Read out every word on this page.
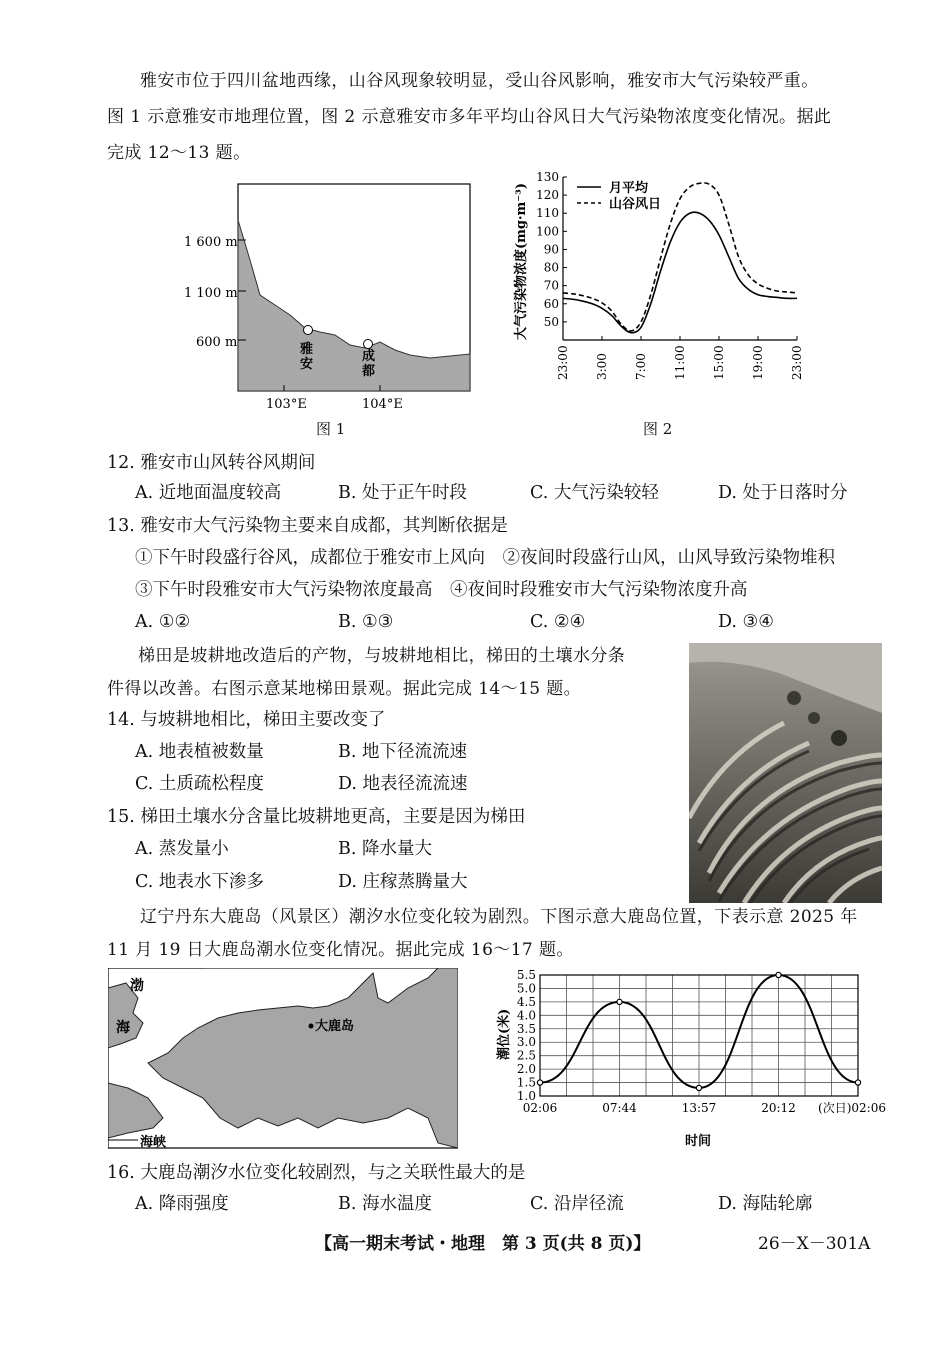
雅安市位于四川盆地西缘，山谷风现象较明显，受山谷风影响，雅安市大气污染较严重。
图 1 示意雅安市地理位置，图 2 示意雅安市多年平均山谷风日大气污染物浓度变化情况。据此
完成 12～13 题。
1 600 m
1 100 m
600 m
103°E	104°E
雅
安
成
都
图 1
大气污染物浓度(mg·m⁻³)	月平均
山谷风日
50
60
70
80
90
100
110
120
130
23:00 3:00 7:00 11:00 15:00 19:00 23:00
图 2
12. 雅安市山风转谷风期间
A. 近地面温度较高	B. 处于正午时段	C. 大气污染较轻	D. 处于日落时分
13. 雅安市大气污染物主要来自成都，其判断依据是
①下午时段盛行谷风，成都位于雅安市上风向　②夜间时段盛行山风，山风导致污染物堆积
③下午时段雅安市大气污染物浓度最高　④夜间时段雅安市大气污染物浓度升高
A. ①②	B. ①③	C. ②④	D. ③④
梯田是坡耕地改造后的产物，与坡耕地相比，梯田的土壤水分条
件得以改善。右图示意某地梯田景观。据此完成 14～15 题。
14. 与坡耕地相比，梯田主要改变了
A. 地表植被数量	B. 地下径流流速
C. 土质疏松程度	D. 地表径流流速
15. 梯田土壤水分含量比坡耕地更高，主要是因为梯田
A. 蒸发量小	B. 降水量大
C. 地表水下渗多	D. 庄稼蒸腾量大
辽宁丹东大鹿岛（风景区）潮汐水位变化较为剧烈。下图示意大鹿岛位置，下表示意 2025 年
11 月 19 日大鹿岛潮水位变化情况。据此完成 16～17 题。
渤
海	大鹿岛
海峡
潮位(米)
时间
1.0
1.5
2.0
2.5
3.0
3.5
4.0
4.5
5.0
5.5
02:06	07:44	13:57	20:12 (次日)02:06
16. 大鹿岛潮汐水位变化较剧烈，与之关联性最大的是
A. 降雨强度	B. 海水温度	C. 沿岸径流	D. 海陆轮廓
【高一期末考试・地理　第 3 页(共 8 页)】	26－X－301A
